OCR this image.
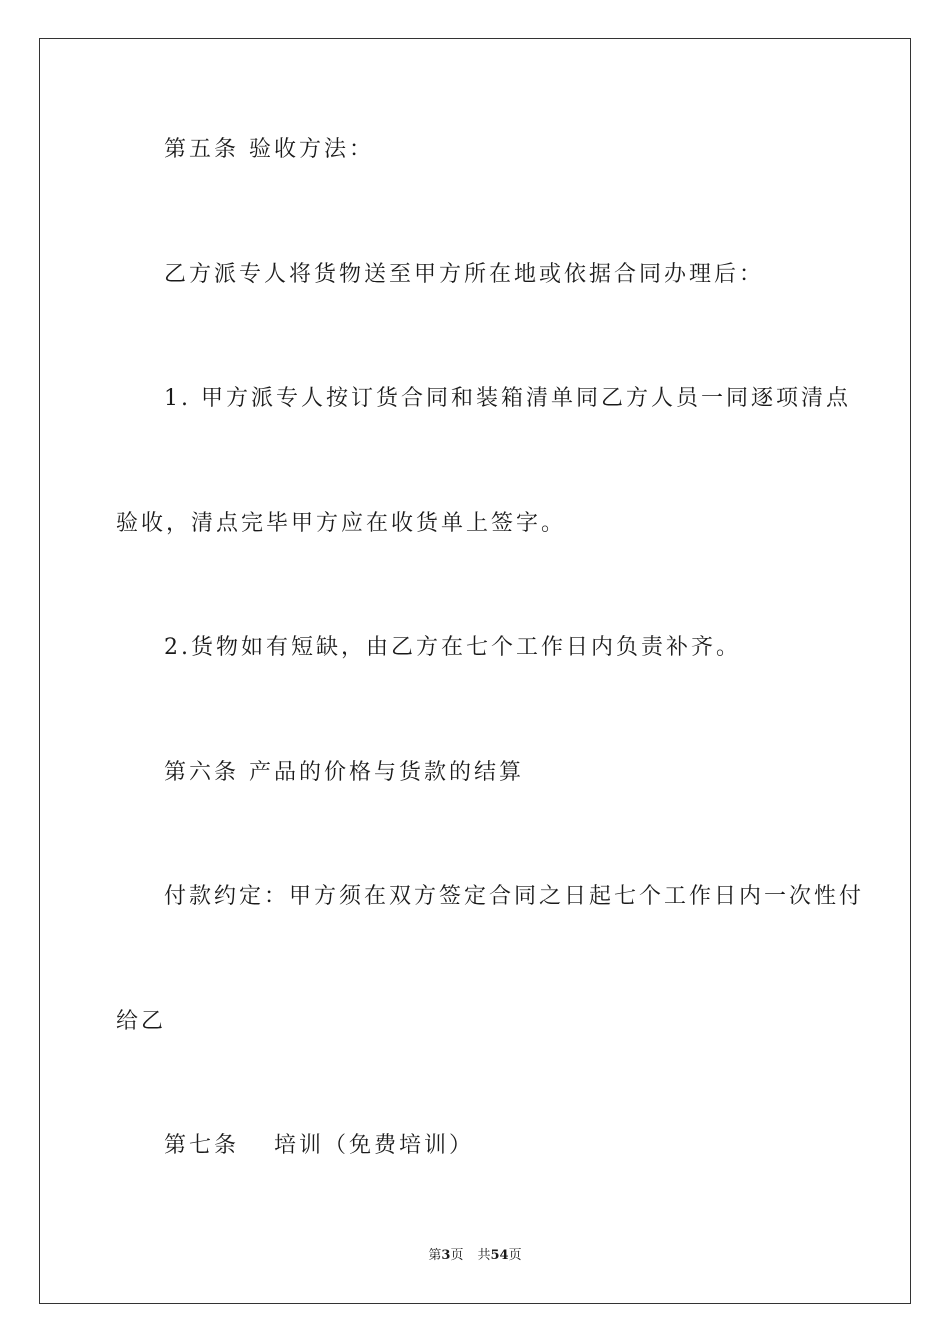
第五条 验收方法：
乙方派专人将货物送至甲方所在地或依据合同办理后：
1. 甲方派专人按订货合同和装箱清单同乙方人员一同逐项清点
验收，清点完毕甲方应在收货单上签字。
2.货物如有短缺，由乙方在七个工作日内负责补齐。
第六条 产品的价格与货款的结算
付款约定：甲方须在双方签定合同之日起七个工作日内一次性付
给乙
第七条　 培训（免费培训）
第3页 共54页
